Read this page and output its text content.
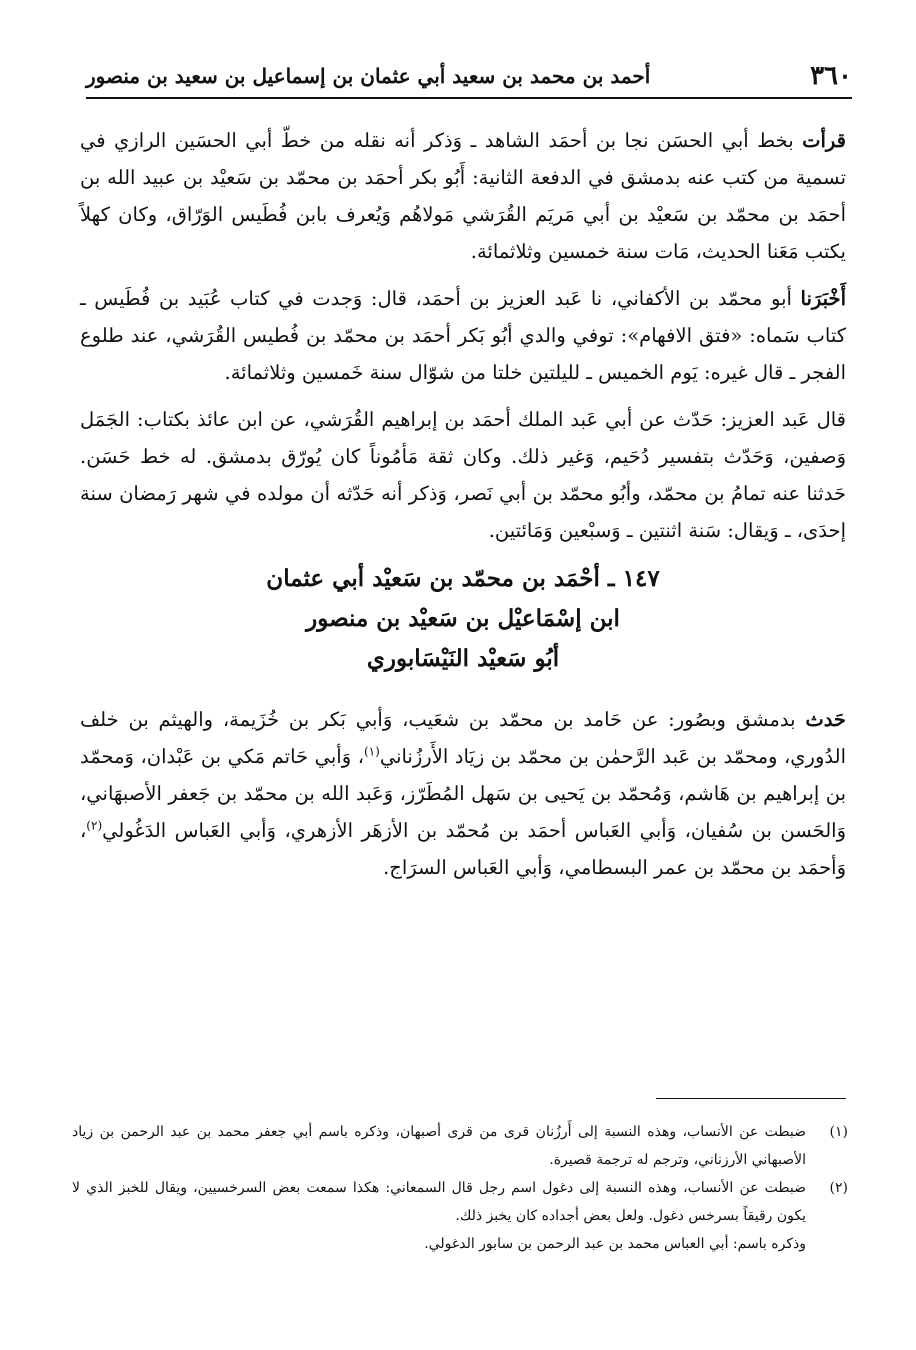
٣٦٠
أحمد بن محمد بن سعيد أبي عثمان بن إسماعيل بن سعيد بن منصور

قرأت بخط أبي الحسَن نجا بن أحمَد الشاهد ـ وَذكر أنه نقله من خطّ أبي الحسَين الرازي في تسمية من كتب عنه بدمشق في الدفعة الثانية: أَبُو بكر أحمَد بن محمّد بن سَعيْد بن عبيد الله بن أحمَد بن محمّد بن سَعيْد بن أبي مَريَم القُرَشي مَولاهُم وَيُعرف بابن فُطَيس الوَرّاق، وكان كهلاً يكتب مَعَنا الحديث، مَات سنة خمسين وثلاثمائة.

أَخْبَرَنا أبو محمّد بن الأكفاني، نا عَبد العزيز بن أحمَد، قال: وَجدت في كتاب عُبَيد بن فُطَيس ـ كتاب سَماه: «فتق الافهام»: توفي والدي أبُو بَكر أحمَد بن محمّد بن فُطيس القُرَشي، عند طلوع الفجر ـ قال غيره: يَوم الخميس ـ لليلتين خلتا من شوّال سنة خَمسين وثلاثمائة.

قال عَبد العزيز: حَدّث عن أبي عَبد الملك أحمَد بن إبراهيم القُرَشي، عن ابن عائذ بكتاب: الجَمَل وَصفين، وَحَدّث بتفسير دُحَيم، وَغير ذلك. وكان ثقة مَأمُوناً كان يُورّق بدمشق. له خط حَسَن. حَدثنا عنه تمامُ بن محمّد، وأبُو محمّد بن أبي نَصر، وَذكر أنه حَدّثه أن مولده في شهر رَمضان سنة إحدَى، ـ وَيقال: سَنة اثنتين ـ وَسبْعين وَمَائتين.

١٤٧ ـ أحْمَد بن محمّد بن سَعيْد أبي عثمان
ابن إسْمَاعيْل بن سَعيْد بن منصور
أبُو سَعيْد النَيْسَابوري

حَدث بدمشق وبصُور: عن حَامد بن محمّد بن شعَيب، وَأبي بَكر بن خُزَيمة، والهيثم بن خلف الدُوري، ومحمّد بن عَبد الرَّحمٰن بن محمّد بن زيَاد الأَرزُناني$^{(١)}$، وَأبي حَاتم مَكي بن عَبْدان، وَمحمّد بن إبراهيم بن هَاشم، وَمُحمّد بن يَحيى بن سَهل المُطَرّز، وَعَبد الله بن محمّد بن جَعفر الأصبهَاني، وَالحَسن بن سُفيان، وَأبي العَباس أحمَد بن مُحمّد بن الأزهَر الأزهري، وَأبي العَباس الدَغُولي$^{(٢)}$، وَأحمَد بن محمّد بن عمر البسطامي، وَأبي العَباس السرَاج.

(١)
ضبطت عن الأنساب، وهذه النسبة إلى أَرزُنان قرى من قرى أصبهان، وذكره باسم أبي جعفر محمد بن عبد الرحمن بن زياد الأصبهاني الأرزناني، وترجم له ترجمة قصيرة.
(٢)
ضبطت عن الأنساب، وهذه النسبة إلى دغول اسم رجل قال السمعاني: هكذا سمعت بعض السرخسيين، ويقال للخبز الذي لا يكون رقيقاً بسرخس دغول. ولعل بعض أجداده كان يخبز ذلك.
وذكره باسم: أبي العباس محمد بن عبد الرحمن بن سابور الدغولي.
